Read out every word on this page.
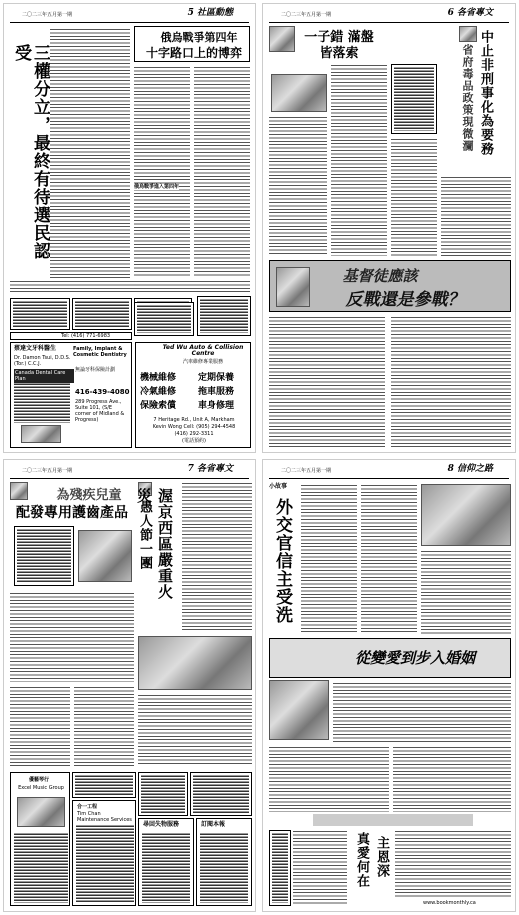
二〇二三年五月第一期	5 社區動態
三權分立，最終有待選民認受
俄烏戰爭第四年
十字路口上的博弈
俄烏戰爭進入第四年
Tel: (416) 771-6983
蔡達文牙科醫生	Family, Implant & Cosmetic Dentistry
Dr. Damon Tsui, D.D.S.(Tor.) C.C.J.
Canada Dental Care Plan
無論牙科保險計劃
416-439-4080
289 Progress Ave., Suite 101, (S/E corner of Midland & Progress)
Ted Wu Auto & Collision Centre
汽車維修專業服務
機械維修 定期保養
冷氣維修 拖車服務
保險索償 車身修理
7 Heritage Rd., Unit A, Markham
Kevin Wong Cell: (905) 294-4548
(416) 292-3311
(電話預約)
二〇二三年五月第一期	6 各省專文
一子錯 滿盤皆落索	中止非刑事化為要務
省府毒品政策現微瀾
基督徒應該
反戰還是參戰？
二〇二三年五月第一期	7 各省專文
為殘疾兒童
配發專用護齒產品	渥京西區嚴重火災
愚人節一團
優藝琴行
Excel Music Group
合一工程
Tim Chan Maintenance Services
尋回失物服務	訂閱本報
二〇二三年五月第一期	8 信仰之路
小故事
外交官信主受洗
從變愛到步入婚姻
真愛何在 主恩深
www.bookmonthly.ca
